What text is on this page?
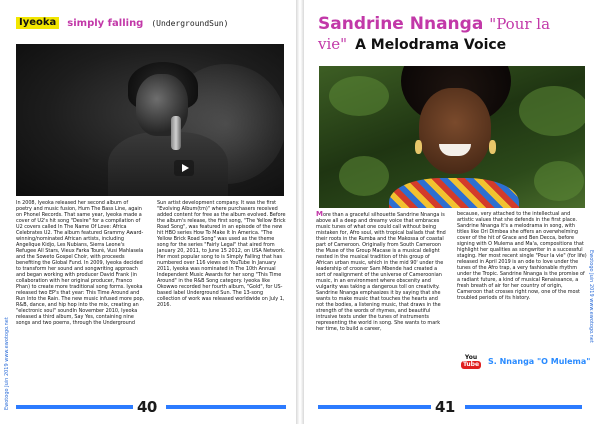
Iyeoka	simply falling (UndergroundSun)

In 2008, Iyeoka released her second album of poetry and music fusion, Hum The Bass Line, again on Phonel Records. That same year, Iyeoka made a cover of U2's hit song "Desire" for a compilation of U2 covers called In The Name Of Love: Africa Celebrates U2. The album featured Grammy Award-winning/nominated African artists, including Angelique Kidjo, Les Nubians, Sierra Leone's Refugee All Stars, Vieux Farka Touré, Vusi Mahlasela and the Soweto Gospel Choir, with proceeds benefiting the Global Fund. In 2009, Iyeoka decided to transform her sound and songwriting approach and began working with producer David Frank (in collaboration with her original producer, Franco Phan) to create more traditional song forms. Iyeoka released two EP's that year: This Time Around and Run Into the Rain. The new music infused more pop, R&B, dance, and hip hop into the mix, creating an "electronic soul" soundIn November 2010, Iyeoka released a third album, Say Yes, containing nine songs and two poems, through the Underground

Sun artist development company. It was the first "Evolving Album(tm)" where purchasers received added content for free as the album evolved. Before the album's release, the first song, "The Yellow Brick Road Song", was featured in an episode of the new hit HBO series How To Make It In America. "The Yellow Brick Road Song" was used as the theme song for the series "Fairly Legal" that aired from January 20, 2011, to June 15 2012, on USA Network. Her most popular song to is Simply Falling that has numbered over 116 views on YouTube In January 2011, Iyeoka was nominated in The 10th Annual Independent Music Awards for her song "This Time Around" in the R&B Song category. Iyeoka like Okowwo recorded her fourth album, "Gold", for US-based label Underground Sun. The 13-song collection of work was released worldwide on July 1, 2016.

Sandrine Nnanga "Pour la
vie" A Melodrama Voice
More than a graceful silhouette Sandrine Nnanga is above all a deep and dreamy voice that embraces music tunes of what one could call without being mistaken for, Afro soul, with tropical ballads that find their roots in the Rumba and the Makossa of coastal part of Cameroon. Originally from South Cameroon the Muse of the Group Macase is a musical delight nested in the musical tradition of this group of African urban music, which in the mid 90' under the leadership of crooner Sam Mbende had created a sort of realignment of the universe of Cameroonian music, in an environment where obscenity and vulgarity was taking a dangerous toll on creativity. Sandrine Nnanga emphasizes it by saying that she wants to make music that touches the hearts and not the bodies, a listening music, that draws in the strength of the words of rhymes, and beautiful intrusive texts under the tunes of instruments representing the world in song. She wants to mark her time, to build a career,
because, very attached to the intellectual and artistic values that she defends in the first place. Sandrine Nnanga It's a melodrama in song, with titles like Ori Dimbea she offers an overwhelming cover of the hit of Grace and Ben Decca, before signing with O Mulema and Ma'a, compositions that highlight her qualities as songwriter in a successful staging. Her most recent single "Pour la vie" (for life) released in April 2019 is an ode to love under the tunes of the Afro trap, a very fashionable rhythm under the Tropic. Sandrine Nnanga is the promise of a radiant future, a kind of musical Renaissance, a fresh breath of air for her country of origin, Cameroon that crosses right now, one of the most troubled periods of its history.
You
Tube S. Nnanga "O Mulema"
40	41
Ewotogo Juin 2019 www.ewotogo.net
Ewotogo Juin 2019 www.ewotogo.net
